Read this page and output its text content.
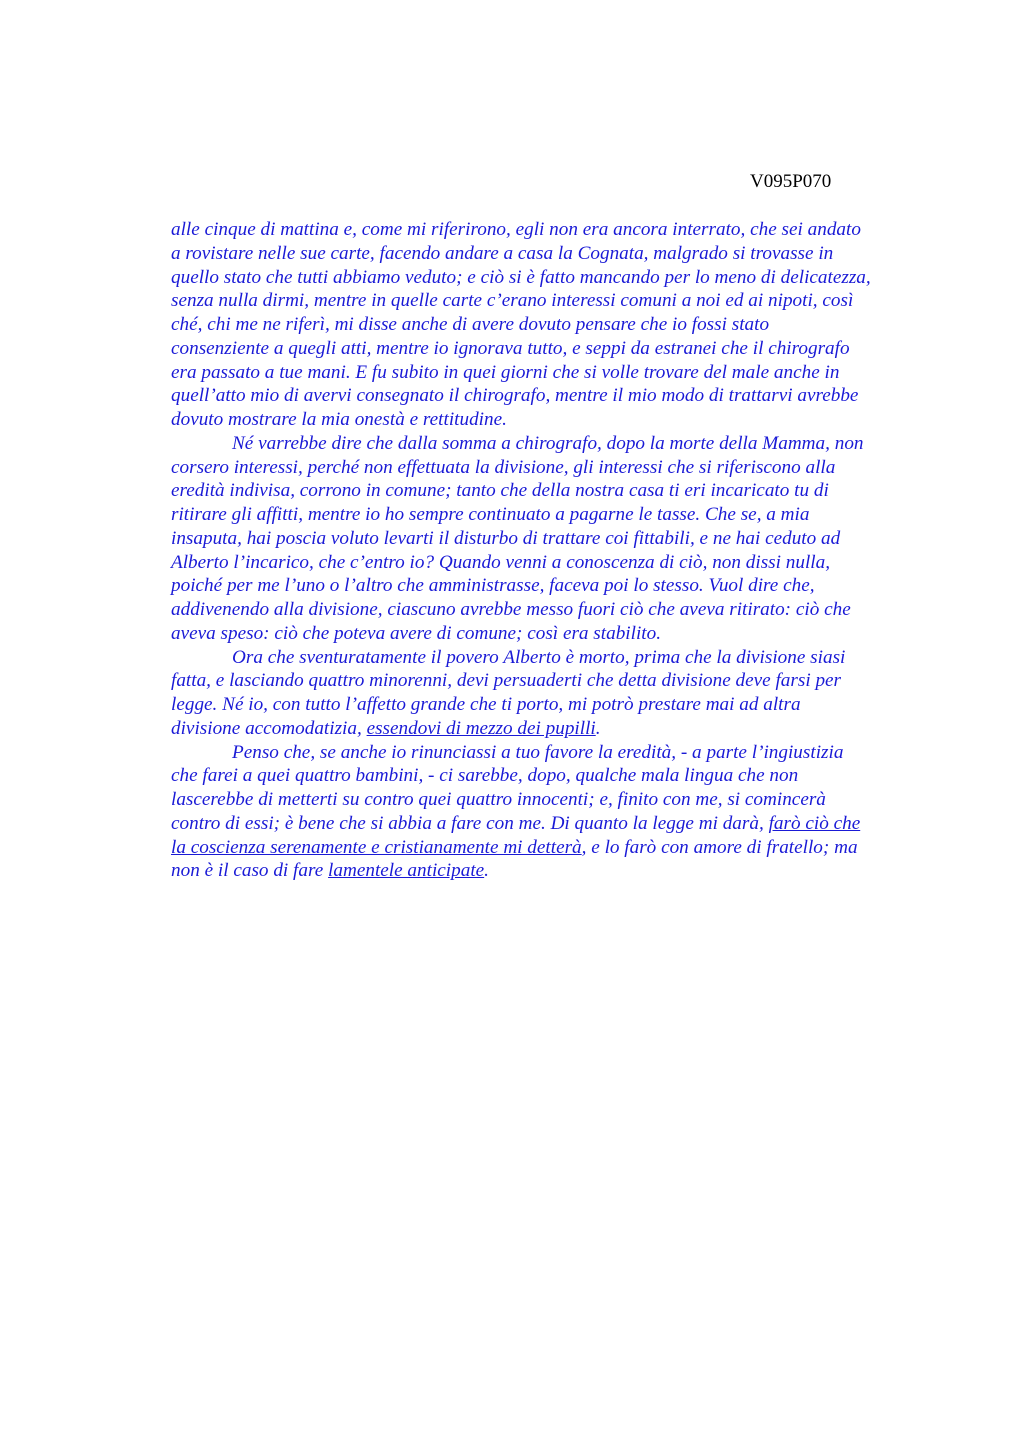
V095P070
alle cinque di mattina e, come mi riferirono, egli non era ancora interrato, che sei andato
a rovistare nelle sue carte, facendo andare a casa la Cognata, malgrado si trovasse in
quello stato che tutti abbiamo veduto; e ciò si è fatto mancando per lo meno di delicatezza,
senza nulla dirmi, mentre in quelle carte c’erano interessi comuni a noi ed ai nipoti, così
ché, chi me ne riferì, mi disse anche di avere dovuto pensare che io fossi stato
consenziente a quegli atti, mentre io ignorava tutto, e seppi da estranei che il chirografo
era passato a tue mani. E fu subito in quei giorni che si volle trovare del male anche in
quell’atto mio di avervi consegnato il chirografo, mentre il mio modo di trattarvi avrebbe
dovuto mostrare la mia onestà e rettitudine.
Né varrebbe dire che dalla somma a chirografo, dopo la morte della Mamma, non
corsero interessi, perché non effettuata la divisione, gli interessi che si riferiscono alla
eredità indivisa, corrono in comune; tanto che della nostra casa ti eri incaricato tu di
ritirare gli affitti, mentre io ho sempre continuato a pagarne le tasse. Che se, a mia
insaputa, hai poscia voluto levarti il disturbo di trattare coi fittabili, e ne hai ceduto ad
Alberto l’incarico, che c’entro io? Quando venni a conoscenza di ciò, non dissi nulla,
poiché per me l’uno o l’altro che amministrasse, faceva poi lo stesso. Vuol dire che,
addivenendo alla divisione, ciascuno avrebbe messo fuori ciò che aveva ritirato: ciò che
aveva speso: ciò che poteva avere di comune; così era stabilito.
Ora che sventuratamente il povero Alberto è morto, prima che la divisione siasi
fatta, e lasciando quattro minorenni, devi persuaderti che detta divisione deve farsi per
legge. Né io, con tutto l’affetto grande che ti porto, mi potrò prestare mai ad altra
divisione accomodatizia, essendovi di mezzo dei pupilli.
Penso che, se anche io rinunciassi a tuo favore la eredità, - a parte l’ingiustizia
che farei a quei quattro bambini, - ci sarebbe, dopo, qualche mala lingua che non
lascerebbe di metterti su contro quei quattro innocenti; e, finito con me, si comincerà
contro di essi; è bene che si abbia a fare con me. Di quanto la legge mi darà, farò ciò che
la coscienza serenamente e cristianamente mi detterà, e lo farò con amore di fratello; ma
non è il caso di fare lamentele anticipate.
